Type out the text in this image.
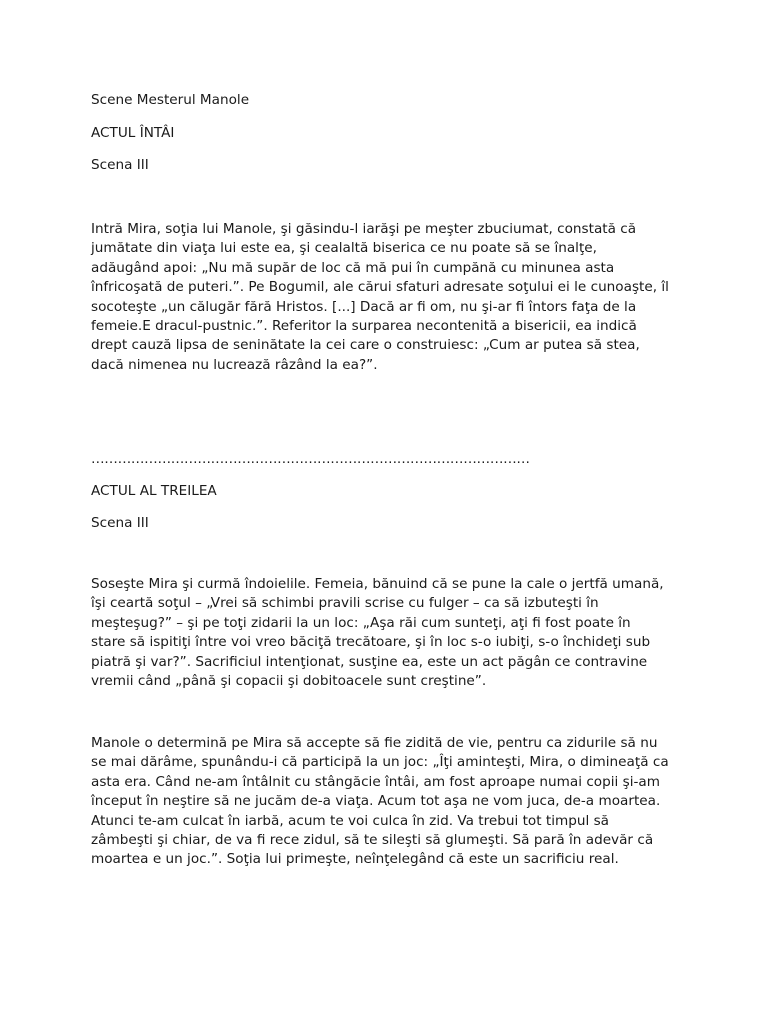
Scene Mesterul Manole

ACTUL ÎNTÂI

Scena III

Intră Mira, soţia lui Manole, şi găsindu-l iarăşi pe meşter zbuciumat, constată că
jumătate din viaţa lui este ea, şi cealaltă biserica ce nu poate să se înalţe,
adăugând apoi: „Nu mă supăr de loc că mă pui în cumpănă cu minunea asta
înfricoşată de puteri.”. Pe Bogumil, ale cărui sfaturi adresate soţului ei le cunoaşte, îl
socoteşte „un călugăr fără Hristos. [...] Dacă ar fi om, nu şi-ar fi întors faţa de la
femeie.E dracul-pustnic.”. Referitor la surparea necontenită a bisericii, ea indică
drept cauză lipsa de seninătate la cei care o construiesc: „Cum ar putea să stea,
dacă nimenea nu lucrează râzând la ea?”.

………………………………………………………………………………………

ACTUL AL TREILEA

Scena III

Soseşte Mira şi curmă îndoielile. Femeia, bănuind că se pune la cale o jertfă umană,
îşi ceartă soţul – „Vrei să schimbi pravili scrise cu fulger – ca să izbuteşti în
meşteşug?” – şi pe toţi zidarii la un loc: „Aşa răi cum sunteţi, aţi fi fost poate în
stare să ispitiţi între voi vreo băciţă trecătoare, şi în loc s-o iubiţi, s-o închideţi sub
piatră şi var?”. Sacrificiul intenţionat, susţine ea, este un act păgân ce contravine
vremii când „până şi copacii şi dobitoacele sunt creştine”.
Manole o determină pe Mira să accepte să fie zidită de vie, pentru ca zidurile să nu
se mai dărâme, spunându-i că participă la un joc: „Îţi aminteşti, Mira, o dimineaţă ca
asta era. Când ne-am întâlnit cu stângăcie întâi, am fost aproape numai copii şi-am
început în neştire să ne jucăm de-a viaţa. Acum tot aşa ne vom juca, de-a moartea.
Atunci te-am culcat în iarbă, acum te voi culca în zid. Va trebui tot timpul să
zâmbeşti şi chiar, de va fi rece zidul, să te sileşti să glumeşti. Să pară în adevăr că
moartea e un joc.”. Soţia lui primeşte, neînţelegând că este un sacrificiu real.
